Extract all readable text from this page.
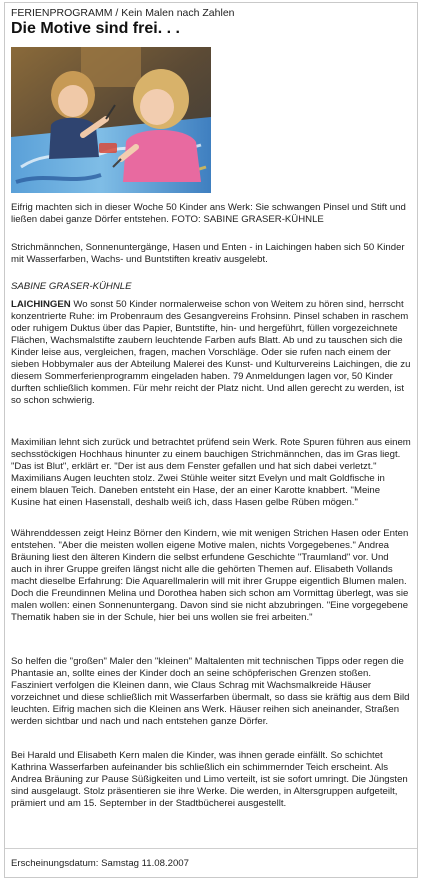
FERIENPROGRAMM / Kein Malen nach Zahlen
Die Motive sind frei. . .
Eifrig machten sich in dieser Woche 50 Kinder ans Werk: Sie schwangen Pinsel und Stift und ließen dabei ganze Dörfer entstehen. FOTO: SABINE GRASER-KÜHNLE
Strichmännchen, Sonnenuntergänge, Hasen und Enten - in Laichingen haben sich 50 Kinder mit Wasserfarben, Wachs- und Buntstiften kreativ ausgelebt.
SABINE GRASER-KÜHNLE

LAICHINGEN Wo sonst 50 Kinder normalerweise schon von Weitem zu hören sind, herrscht konzentrierte Ruhe: im Probenraum des Gesangvereins Frohsinn. Pinsel schaben in raschem oder ruhigem Duktus über das Papier, Buntstifte, hin- und hergeführt, füllen vorgezeichnete Flächen, Wachsmalstifte zaubern leuchtende Farben aufs Blatt. Ab und zu tauschen sich die Kinder leise aus, vergleichen, fragen, machen Vorschläge. Oder sie rufen nach einem der sieben Hobbymaler aus der Abteilung Malerei des Kunst- und Kulturvereins Laichingen, die zu diesem Sommerferienprogramm eingeladen haben. 79 Anmeldungen lagen vor, 50 Kinder durften schließlich kommen. Für mehr reicht der Platz nicht. Und allen gerecht zu werden, ist so schon schwierig.

Maximilian lehnt sich zurück und betrachtet prüfend sein Werk. Rote Spuren führen aus einem sechsstöckigen Hochhaus hinunter zu einem bauchigen Strichmännchen, das im Gras liegt. "Das ist Blut", erklärt er. "Der ist aus dem Fenster gefallen und hat sich dabei verletzt." Maximilians Augen leuchten stolz. Zwei Stühle weiter sitzt Evelyn und malt Goldfische in einem blauen Teich. Daneben entsteht ein Hase, der an einer Karotte knabbert. "Meine Kusine hat einen Hasenstall, deshalb weiß ich, dass Hasen gelbe Rüben mögen."

Währenddessen zeigt Heinz Börner den Kindern, wie mit wenigen Strichen Hasen oder Enten entstehen. "Aber die meisten wollen eigene Motive malen, nichts Vorgegebenes." Andrea Bräuning liest den älteren Kindern die selbst erfundene Geschichte "Traumland" vor. Und auch in ihrer Gruppe greifen längst nicht alle die gehörten Themen auf. Elisabeth Vollands macht dieselbe Erfahrung: Die Aquarellmalerin will mit ihrer Gruppe eigentlich Blumen malen. Doch die Freundinnen Melina und Dorothea haben sich schon am Vormittag überlegt, was sie malen wollen: einen Sonnenuntergang. Davon sind sie nicht abzubringen. "Eine vorgegebene Thematik haben sie in der Schule, hier bei uns wollen sie frei arbeiten."

So helfen die "großen" Maler den "kleinen" Maltalenten mit technischen Tipps oder regen die Phantasie an, sollte eines der Kinder doch an seine schöpferischen Grenzen stoßen. Fasziniert verfolgen die Kleinen dann, wie Claus Schrag mit Wachsmalkreide Häuser vorzeichnet und diese schließlich mit Wasserfarben übermalt, so dass sie kräftig aus dem Bild leuchten. Eifrig machen sich die Kleinen ans Werk. Häuser reihen sich aneinander, Straßen werden sichtbar und nach und nach entstehen ganze Dörfer.

Bei Harald und Elisabeth Kern malen die Kinder, was ihnen gerade einfällt. So schichtet Kathrina Wasserfarben aufeinander bis schließlich ein schimmernder Teich erscheint. Als Andrea Bräuning zur Pause Süßigkeiten und Limo verteilt, ist sie sofort umringt. Die Jüngsten sind ausgelaugt. Stolz präsentieren sie ihre Werke. Die werden, in Altersgruppen aufgeteilt, prämiert und am 15. September in der Stadtbücherei ausgestellt.

Erscheinungsdatum: Samstag 11.08.2007
